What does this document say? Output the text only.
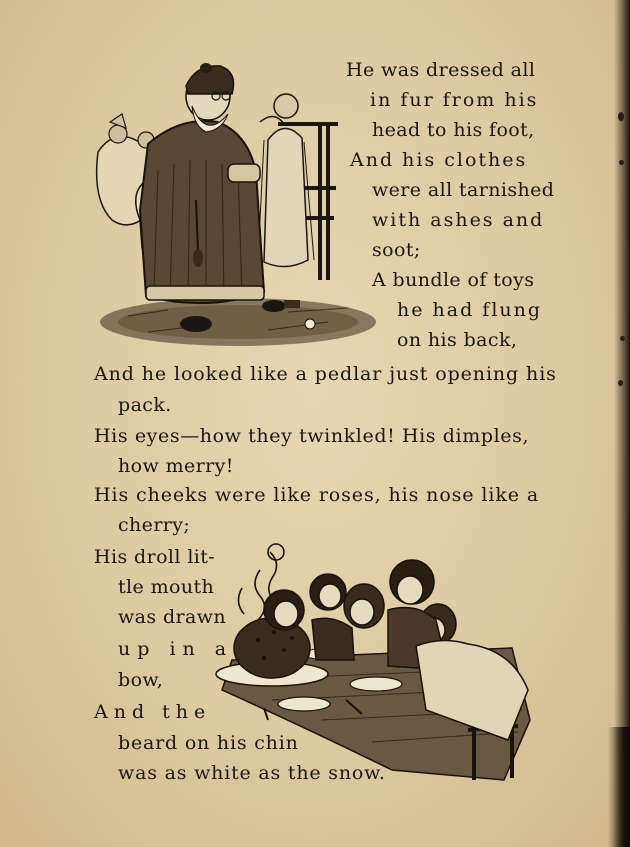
He was dressed all
in fur from his
head to his foot,
And his clothes
were all tarnished
with ashes and
soot;
A bundle of toys
he had flung
on his back,
And he looked like a pedlar just opening his
pack.
His eyes—how they twinkled! His dimples,
how merry!
His cheeks were like roses, his nose like a
cherry;
His droll lit-
tle mouth
was drawn
up in a
bow,
And the
beard on his chin
was as white as the snow.
